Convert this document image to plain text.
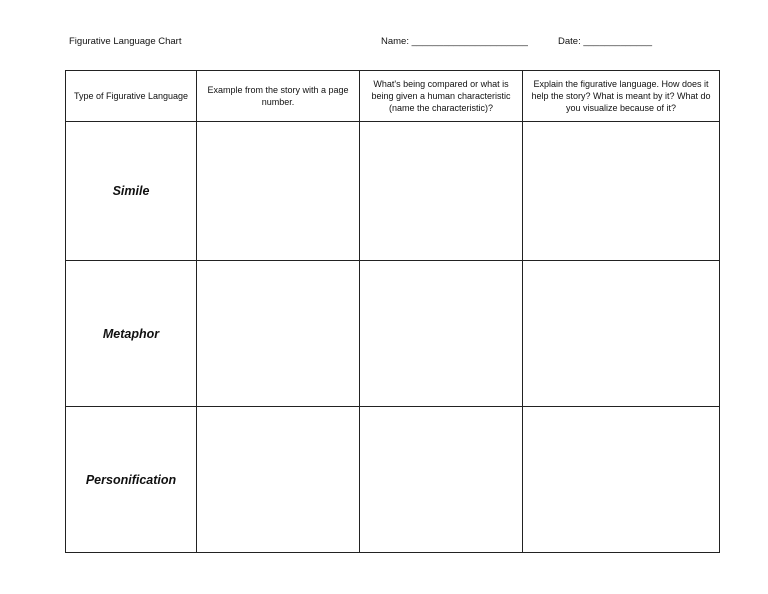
Figurative Language Chart	Name: ______________________	Date: _____________
Type of Figurative Language	Example from the story with a page number.	What's being compared or what is being given a human characteristic (name the characteristic)?	Explain the figurative language. How does it help the story? What is meant by it? What do you visualize because of it?
Simile			
Metaphor			
Personification			
